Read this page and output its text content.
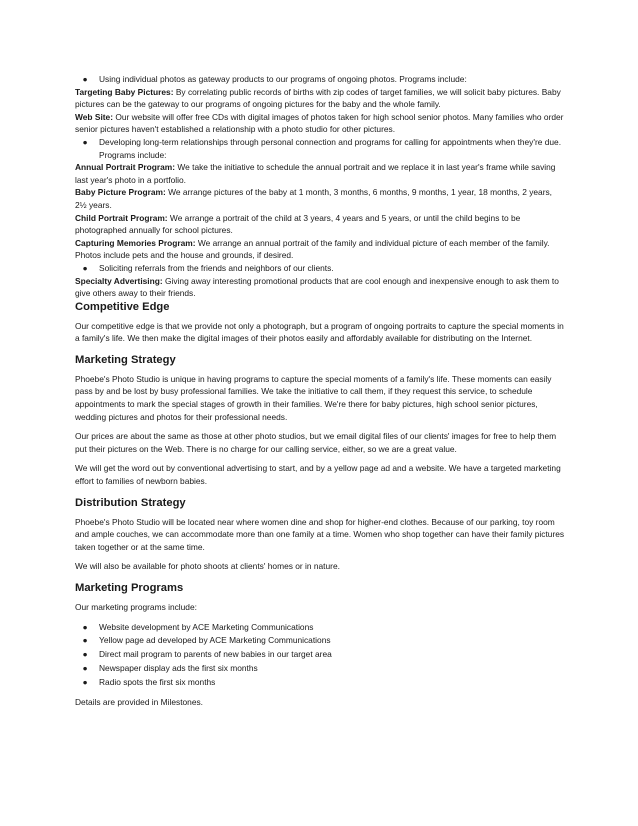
● Using individual photos as gateway products to our programs of ongoing photos. Programs include:

Targeting Baby Pictures: By correlating public records of births with zip codes of target families, we will solicit baby pictures. Baby pictures can be the gateway to our programs of ongoing pictures for the baby and the whole family.

Web Site: Our website will offer free CDs with digital images of photos taken for high school senior photos. Many families who order senior pictures haven't established a relationship with a photo studio for other pictures.

● Developing long-term relationships through personal connection and programs for calling for appointments when they're due. Programs include:

Annual Portrait Program: We take the initiative to schedule the annual portrait and we replace it in last year's frame while saving last year's photo in a portfolio.

Baby Picture Program: We arrange pictures of the baby at 1 month, 3 months, 6 months, 9 months, 1 year, 18 months, 2 years, 2½ years.

Child Portrait Program: We arrange a portrait of the child at 3 years, 4 years and 5 years, or until the child begins to be photographed annually for school pictures.

Capturing Memories Program: We arrange an annual portrait of the family and individual picture of each member of the family. Photos include pets and the house and grounds, if desired.

● Soliciting referrals from the friends and neighbors of our clients.

Specialty Advertising: Giving away interesting promotional products that are cool enough and inexpensive enough to ask them to give others away to their friends.

Competitive Edge

Our competitive edge is that we provide not only a photograph, but a program of ongoing portraits to capture the special moments in a family's life. We then make the digital images of their photos easily and affordably available for distributing on the Internet.

Marketing Strategy

Phoebe's Photo Studio is unique in having programs to capture the special moments of a family's life. These moments can easily pass by and be lost by busy professional families. We take the initiative to call them, if they request this service, to schedule appointments to mark the special stages of growth in their families. We're there for baby pictures, high school senior pictures, wedding pictures and photos for their professional needs.

Our prices are about the same as those at other photo studios, but we email digital files of our clients' images for free to help them put their pictures on the Web. There is no charge for our calling service, either, so we are a great value.

We will get the word out by conventional advertising to start, and by a yellow page ad and a website. We have a targeted marketing effort to families of newborn babies.

Distribution Strategy

Phoebe's Photo Studio will be located near where women dine and shop for higher-end clothes. Because of our parking, toy room and ample couches, we can accommodate more than one family at a time. Women who shop together can have their family pictures taken together or at the same time.

We will also be available for photo shoots at clients' homes or in nature.

Marketing Programs

Our marketing programs include:

● Website development by ACE Marketing Communications
● Yellow page ad developed by ACE Marketing Communications
● Direct mail program to parents of new babies in our target area
● Newspaper display ads the first six months
● Radio spots the first six months

Details are provided in Milestones.
